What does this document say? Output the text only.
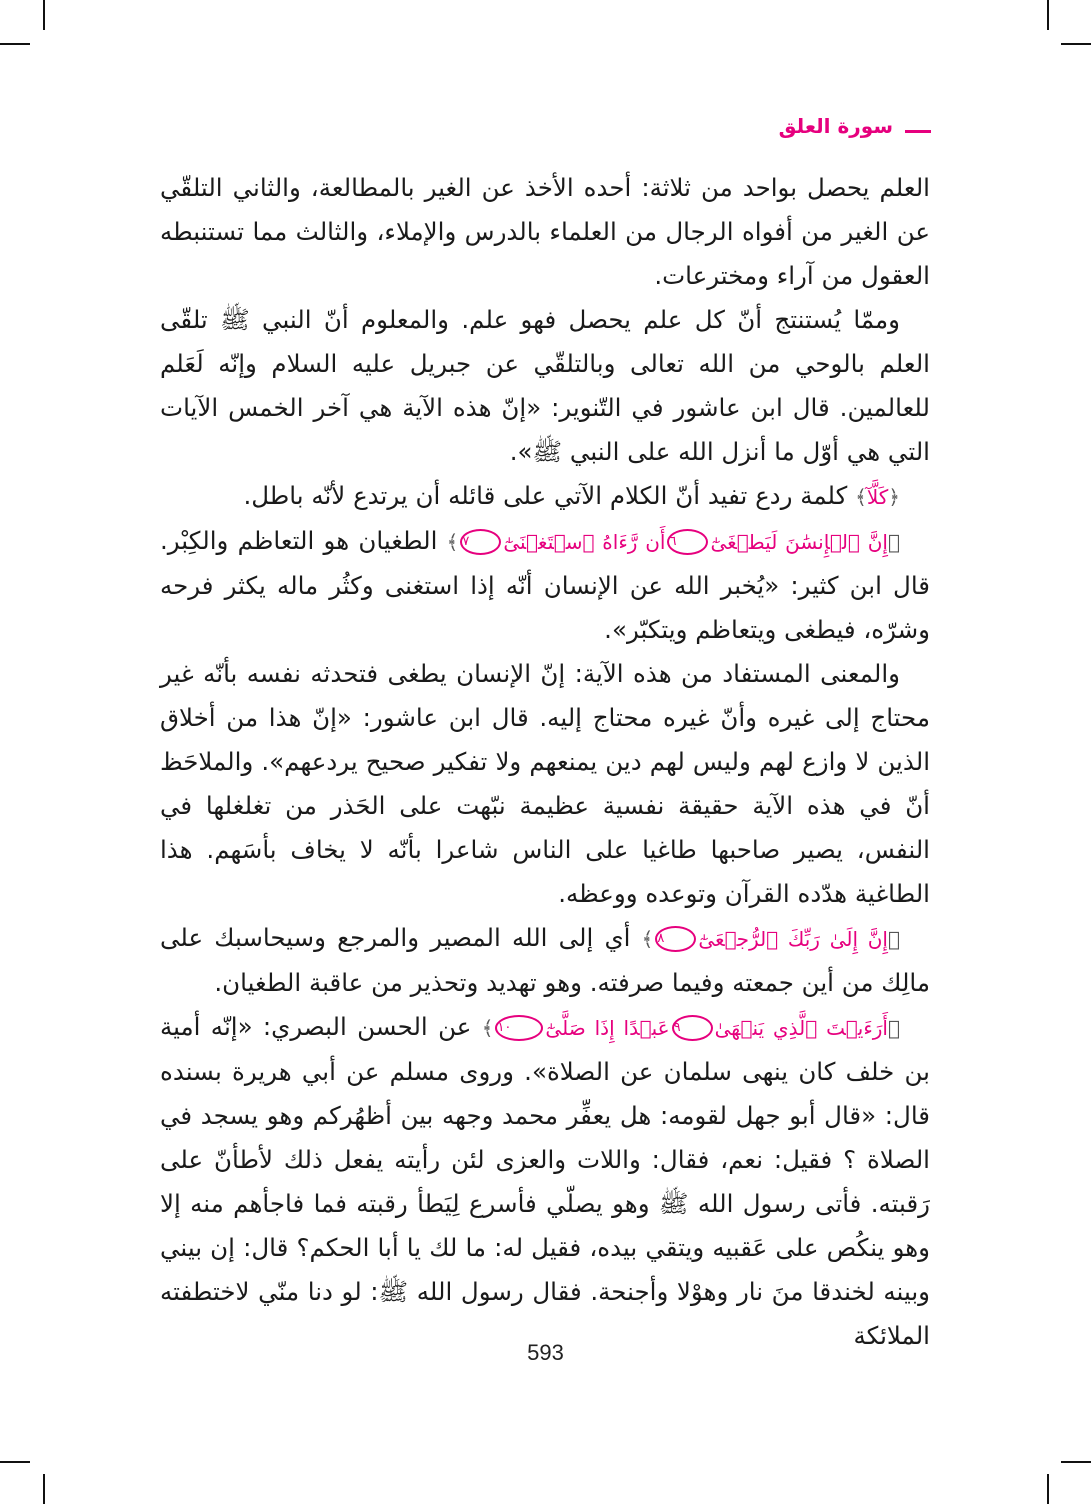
سورة العلق

العلم يحصل بواحد من ثلاثة: أحده الأخذ عن الغير بالمطالعة، والثاني التلقّي عن الغير من أفواه الرجال من العلماء بالدرس والإملاء، والثالث مما تستنبطه العقول من آراء ومخترعات.

وممّا يُستنتج أنّ كل علم يحصل فهو علم. والمعلوم أنّ النبي ﷺ تلقّى العلم بالوحي من الله تعالى وبالتلقّي عن جبريل عليه السلام وإنّه لَعَلم للعالمين. قال ابن عاشور في التّنوير: «إنّ هذه الآية هي آخر الخمس الآيات التي هي أوّل ما أنزل الله على النبي ﷺ».

﴿كَلَّآ﴾ كلمة ردع تفيد أنّ الكلام الآتي على قائله أن يرتدع لأنّه باطل.

﴿إِنَّ ٱلۡإِنسَٰنَ لَيَطۡغَىٰٓ٦أَن رَّءَاهُ ٱسۡتَغۡنَىٰٓ٧﴾ الطغيان هو التعاظم والكِبْر. قال ابن كثير: «يُخبر الله عن الإنسان أنّه إذا استغنى وكثُر ماله يكثر فرحه وشرّه، فيطغى ويتعاظم ويتكبّر».

والمعنى المستفاد من هذه الآية: إنّ الإنسان يطغى فتحدثه نفسه بأنّه غير محتاج إلى غيره وأنّ غيره محتاج إليه. قال ابن عاشور: «إنّ هذا من أخلاق الذين لا وازع لهم وليس لهم دين يمنعهم ولا تفكير صحيح يردعهم». والملاحَظ أنّ في هذه الآية حقيقة نفسية عظيمة نبّهت على الحَذر من تغلغلها في النفس، يصير صاحبها طاغيا على الناس شاعرا بأنّه لا يخاف بأسَهم. هذا الطاغية هدّده القرآن وتوعده ووعظه.

﴿إِنَّ إِلَىٰ رَبِّكَ ٱلرُّجۡعَىٰٓ٨﴾ أي إلى الله المصير والمرجع وسيحاسبك على مالِك من أين جمعته وفيما صرفته. وهو تهديد وتحذير من عاقبة الطغيان.

﴿أَرَءَيۡتَ ٱلَّذِي يَنۡهَىٰ٩عَبۡدًا إِذَا صَلَّىٰٓ١٠﴾ عن الحسن البصري: «إنّه أمية بن خلف كان ينهى سلمان عن الصلاة». وروى مسلم عن أبي هريرة بسنده قال: «قال أبو جهل لقومه: هل يعفِّر محمد وجهه بين أظهُركم وهو يسجد في الصلاة ؟ فقيل: نعم، فقال: واللات والعزى لئن رأيته يفعل ذلك لأطأنّ على رَقبته. فأتى رسول الله ﷺ وهو يصلّي فأسرع لِيَطأ رقبته فما فاجأهم منه إلا وهو ينكُص على عَقبيه ويتقي بيده، فقيل له: ما لك يا أبا الحكم؟ قال: إن بيني وبينه لخندقا منَ نار وهوْلا وأجنحة. فقال رسول الله ﷺ: لو دنا منّي لاختطفته الملائكة

593
